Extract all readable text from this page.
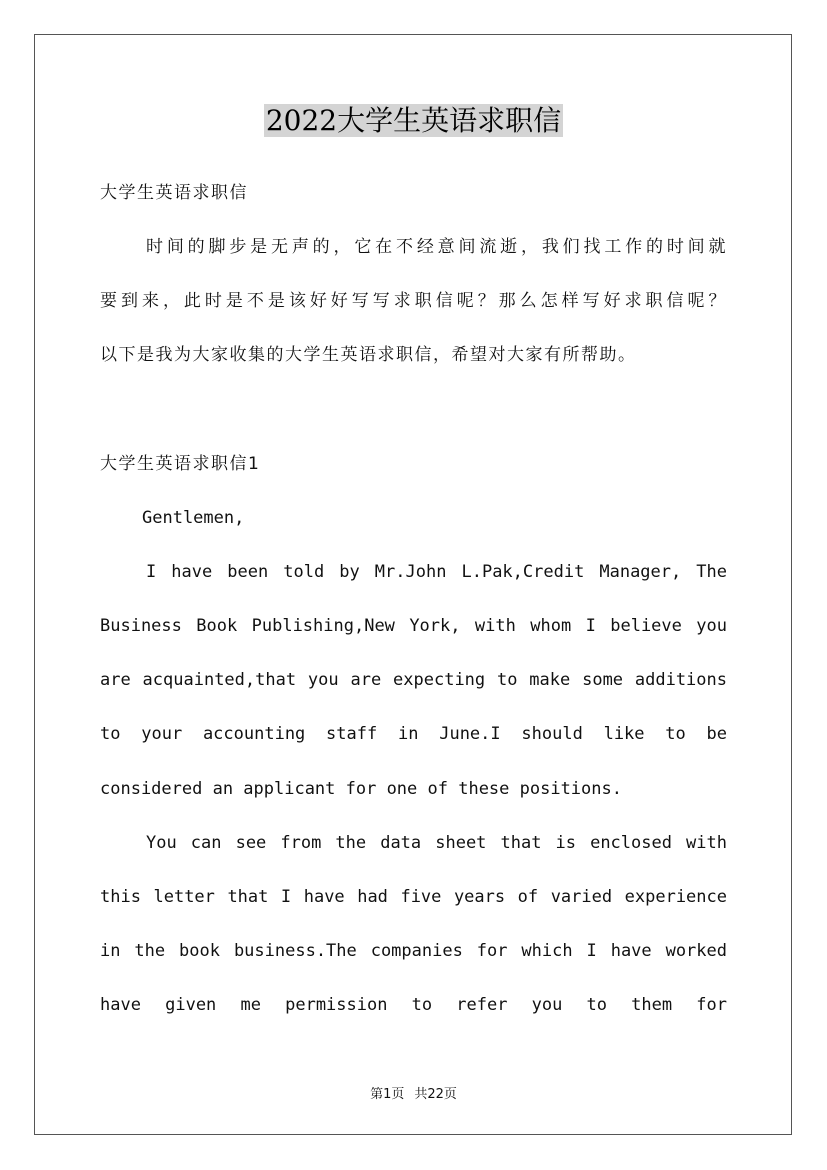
2022大学生英语求职信

大学生英语求职信

时间的脚步是无声的，它在不经意间流逝，我们找工作的时间就

要到来，此时是不是该好好写写求职信呢？那么怎样写好求职信呢？

以下是我为大家收集的大学生英语求职信，希望对大家有所帮助。

大学生英语求职信1

Gentlemen,

I have been told by Mr.John L.Pak,Credit Manager, The

Business Book Publishing,New York, with whom I believe you

are acquainted,that you are expecting to make some additions

to your accounting staff in June.I should like to be

considered an applicant for one of these positions.

You can see from the data sheet that is enclosed with

this letter that I have had five years of varied experience

in the book business.The companies for which I have worked

have given me permission to refer you to them for

第1页 共22页
